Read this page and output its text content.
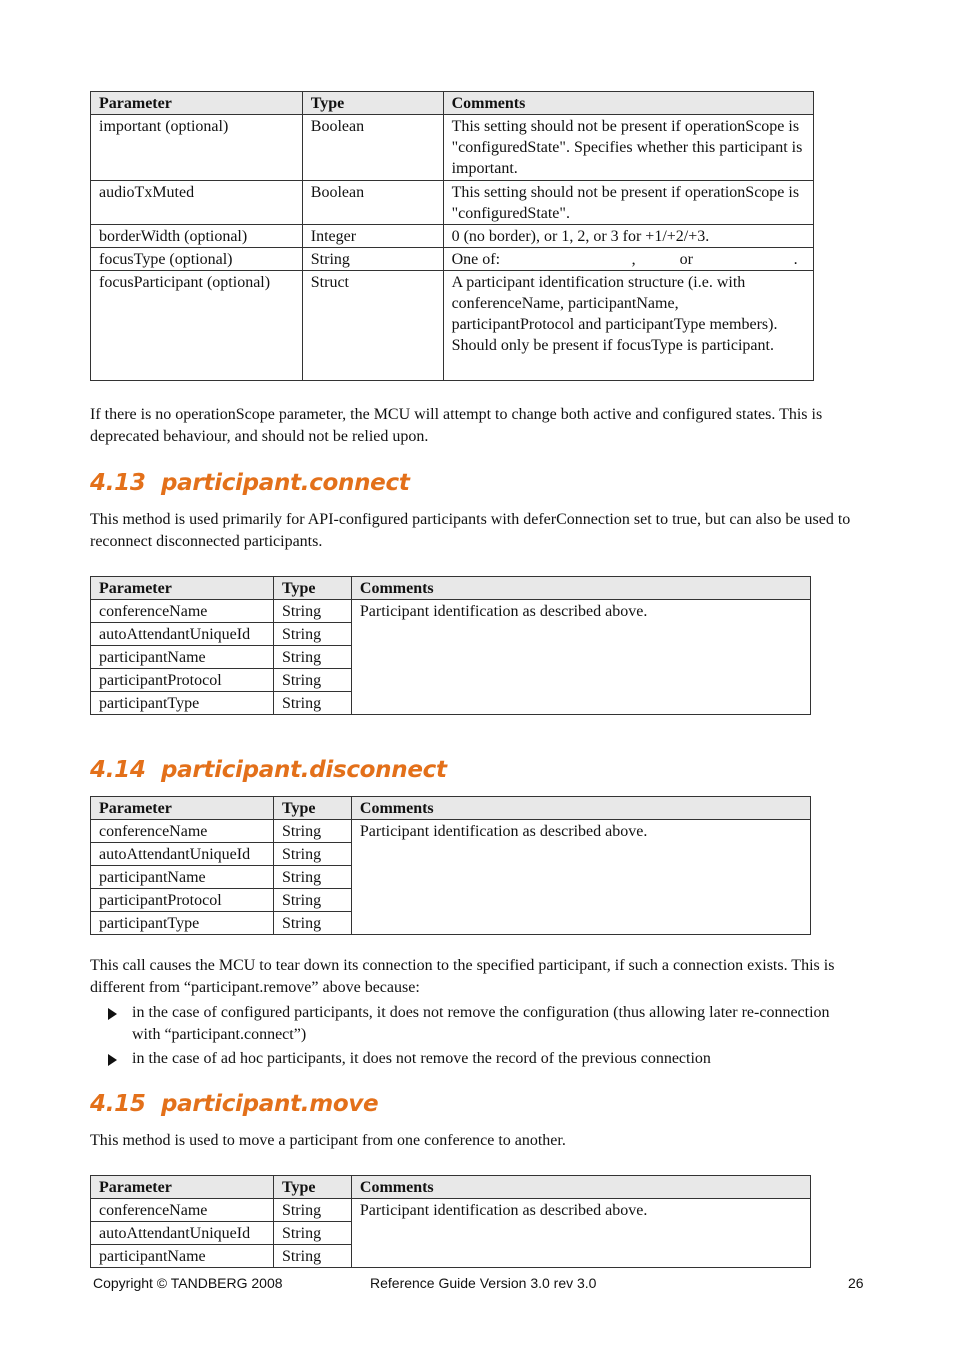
Parameter	Type	Comments
important (optional)	Boolean	This setting should not be present if operationScope is "configuredState". Specifies whether this participant is important.
audioTxMuted	Boolean	This setting should not be present if operationScope is "configuredState".
borderWidth (optional)	Integer	0 (no border), or 1, 2, or 3 for +1/+2/+3.
focusType (optional)	String	One of: , or .

focusParticipant (optional)	Struct	A participant identification structure (i.e. with conferenceName, participantName, participantProtocol and participantType members). Should only be present if focusType is participant.

If there is no operationScope parameter, the MCU will attempt to change both active and configured states. This is deprecated behaviour, and should not be relied upon.

4.13 participant.connect

This method is used primarily for API-configured participants with deferConnection set to true, but can also be used to reconnect disconnected participants.

Parameter	Type	Comments
conferenceName	String	Participant identification as described above.
autoAttendantUniqueId	String	
participantName	String	
participantProtocol	String	
participantType	String	
4.14 participant.disconnect
Parameter	Type	Comments
conferenceName	String	Participant identification as described above.
autoAttendantUniqueId	String	
participantName	String	
participantProtocol	String	
participantType	String	

This call causes the MCU to tear down its connection to the specified participant, if such a connection exists. This is different from “participant.remove” above because:

in the case of configured participants, it does not remove the configuration (thus allowing later re-connection with “participant.connect”)
in the case of ad hoc participants, it does not remove the record of the previous connection
4.15 participant.move

This method is used to move a participant from one conference to another.

Parameter	Type	Comments
conferenceName	String	Participant identification as described above.
autoAttendantUniqueId	String	
participantName	String	
Copyright © TANDBERG 2008	Reference Guide Version 3.0 rev 3.0	26
